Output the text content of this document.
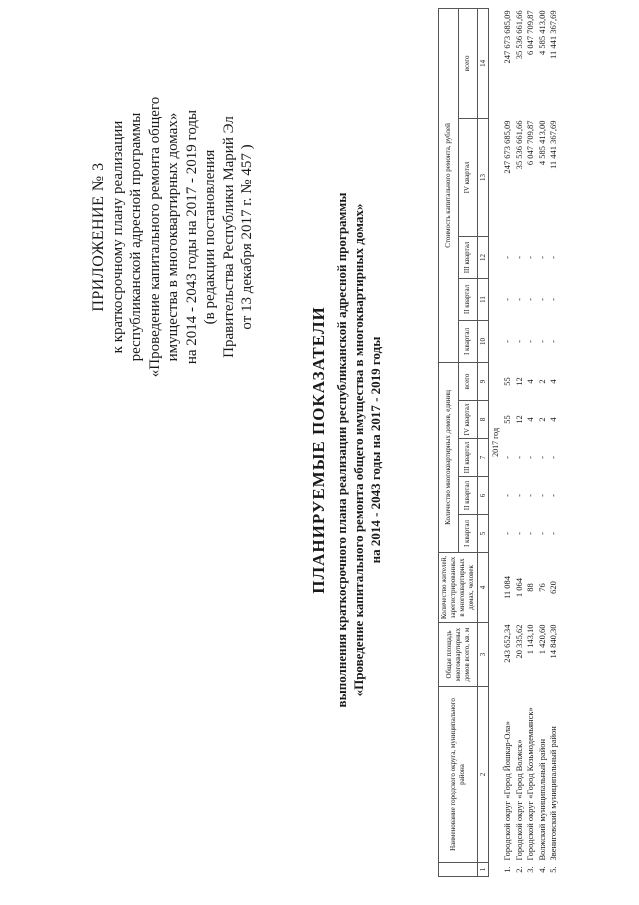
ПРИЛОЖЕНИЕ № 3 к краткосрочному плану реализации республиканской адресной программы «Проведение капитального ремонта общего имущества в многоквартирных домах» на 2014 - 2043 годы на 2017 - 2019 годы (в редакции постановления Правительства Республики Марий Эл от 13 декабря 2017 г. № 457 )
ПЛАНИРУЕМЫЕ ПОКАЗАТЕЛИ выполнения краткосрочного плана реализации республиканской адресной программы «Проведение капитального ремонта общего имущества в многоквартирных домах» на 2014 - 2043 годы на 2017 - 2019 годы
	Наименование городского округа, муниципального района	Общая площадь многоквартирных домов всего, кв. м	Количество жителей, зарегистрированных в многоквартирных домах, человек	Количество многоквартирных домов, единиц					Стоимость капитального ремонта, рублей				
				I квартал	II квартал	III квартал	IV квартал	всего	I квартал	II квартал	III квартал	IV квартал	всего
1	2	3	4	5	6	7	8	9	10	11	12	13	14
2017 год													
1.	Городской округ «Город Йошкар-Ола»	243 652,34	11 084	-	-	-	55	55	-	-	-	247 673 685,09	247 673 685,09
2.	Городской округ «Город Волжск»	20 335,62	1 064	-	-	-	12	12	-	-	-	35 536 661,66	35 536 661,66
3.	Городской округ «Город Козьмодемьянск»	1 143,10	88	-	-	-	4	4	-	-	-	6 047 709,87	6 047 709,87
4.	Волжский муниципальный район	1 420,60	76	-	-	-	2	2	-	-	-	4 585 413,00	4 585 413,00
5.	Звениговский муниципальный район	14 840,30	620	-	-	-	4	4	-	-	-	11 441 367,69	11 441 367,69
